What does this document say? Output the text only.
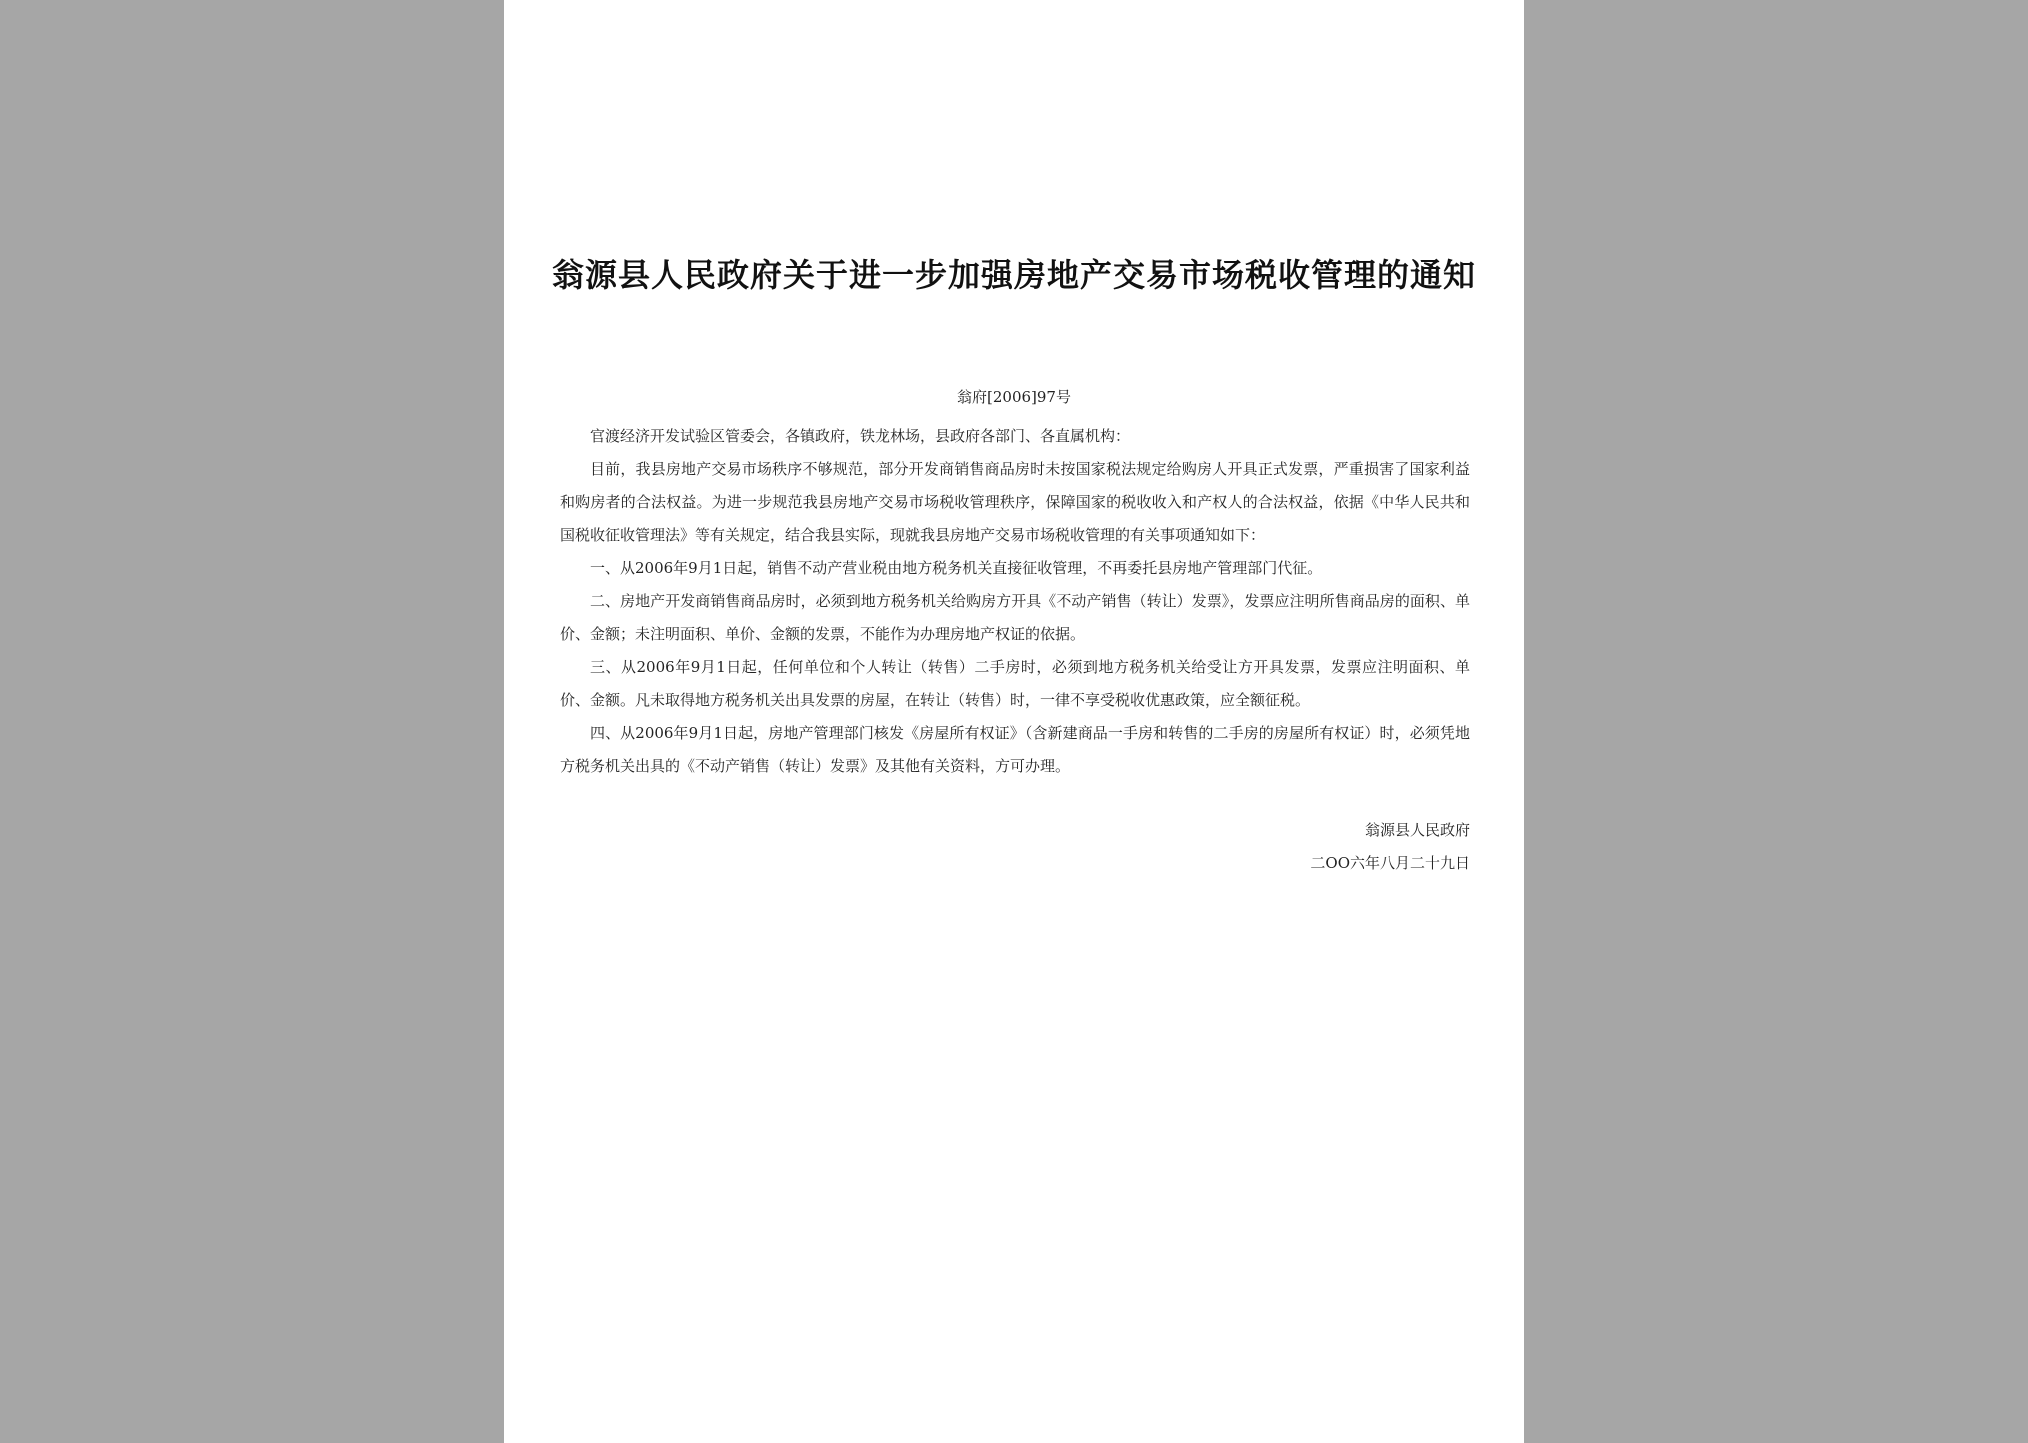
翁源县人民政府关于进一步加强房地产交易市场税收管理的通知
翁府[2006]97号

官渡经济开发试验区管委会，各镇政府，铁龙林场，县政府各部门、各直属机构：

目前，我县房地产交易市场秩序不够规范，部分开发商销售商品房时未按国家税法规定给购房人开具正式发票，严重损害了国家利益和购房者的合法权益。为进一步规范我县房地产交易市场税收管理秩序，保障国家的税收收入和产权人的合法权益，依据《中华人民共和国税收征收管理法》等有关规定，结合我县实际，现就我县房地产交易市场税收管理的有关事项通知如下：

一、从2006年9月1日起，销售不动产营业税由地方税务机关直接征收管理，不再委托县房地产管理部门代征。

二、房地产开发商销售商品房时，必须到地方税务机关给购房方开具《不动产销售（转让）发票》，发票应注明所售商品房的面积、单价、金额；未注明面积、单价、金额的发票，不能作为办理房地产权证的依据。

三、从2006年9月1日起，任何单位和个人转让（转售）二手房时，必须到地方税务机关给受让方开具发票，发票应注明面积、单价、金额。凡未取得地方税务机关出具发票的房屋，在转让（转售）时，一律不享受税收优惠政策，应全额征税。

四、从2006年9月1日起，房地产管理部门核发《房屋所有权证》（含新建商品一手房和转售的二手房的房屋所有权证）时，必须凭地方税务机关出具的《不动产销售（转让）发票》及其他有关资料，方可办理。

翁源县人民政府
二OO六年八月二十九日
